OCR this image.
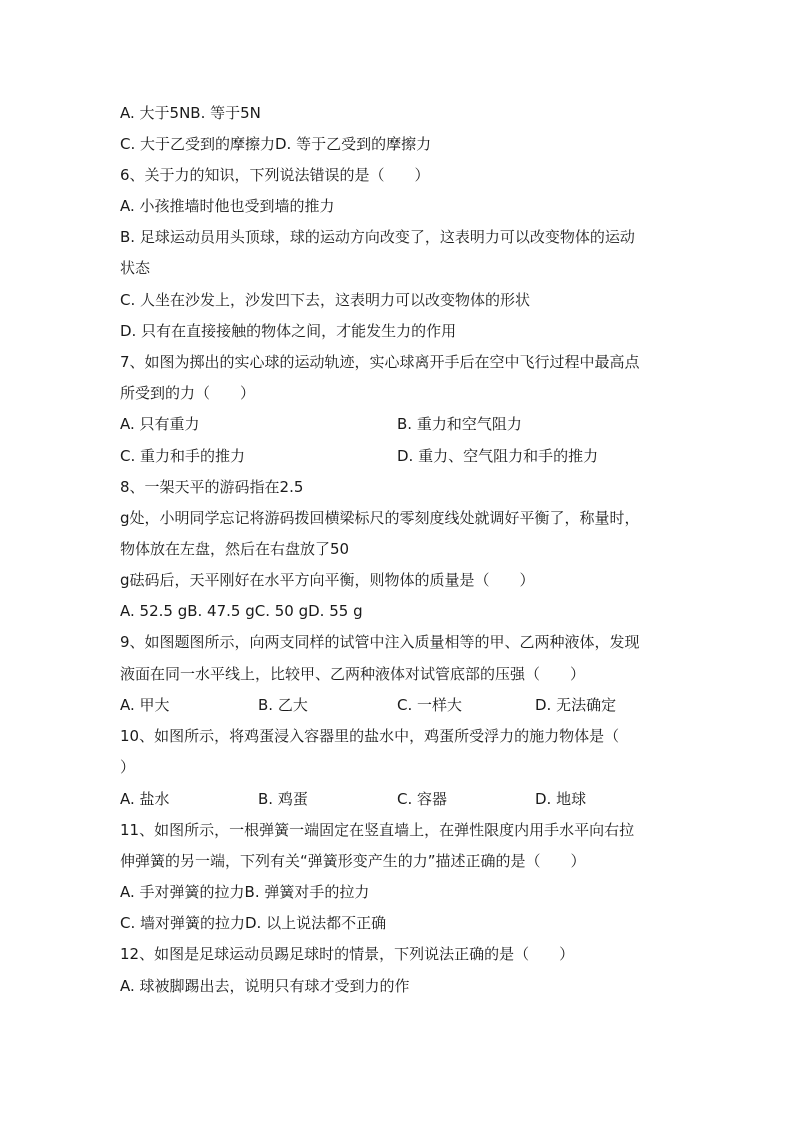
A. 大于5NB. 等于5N
C. 大于乙受到的摩擦力D. 等于乙受到的摩擦力
6、关于力的知识，下列说法错误的是（　　）
A. 小孩推墙时他也受到墙的推力
B. 足球运动员用头顶球，球的运动方向改变了，这表明力可以改变物体的运动
状态
C. 人坐在沙发上，沙发凹下去，这表明力可以改变物体的形状
D. 只有在直接接触的物体之间，才能发生力的作用
7、如图为掷出的实心球的运动轨迹，实心球离开手后在空中飞行过程中最高点
所受到的力（　　）
A. 只有重力	B. 重力和空气阻力
C. 重力和手的推力	D. 重力、空气阻力和手的推力
8、一架天平的游码指在2.5
g处，小明同学忘记将游码拨回横梁标尺的零刻度线处就调好平衡了，称量时，
物体放在左盘，然后在右盘放了50
g砝码后，天平刚好在水平方向平衡，则物体的质量是（　　）
A. 52.5 gB. 47.5 gC. 50 gD. 55 g
9、如图题图所示，向两支同样的试管中注入质量相等的甲、乙两种液体，发现
液面在同一水平线上，比较甲、乙两种液体对试管底部的压强（　　）
A. 甲大	B. 乙大	C. 一样大	D. 无法确定
10、如图所示，将鸡蛋浸入容器里的盐水中，鸡蛋所受浮力的施力物体是（
）
A. 盐水	B. 鸡蛋	C. 容器	D. 地球
11、如图所示，一根弹簧一端固定在竖直墙上，在弹性限度内用手水平向右拉
伸弹簧的另一端，下列有关“弹簧形变产生的力”描述正确的是（　　）
A. 手对弹簧的拉力B. 弹簧对手的拉力
C. 墙对弹簧的拉力D. 以上说法都不正确
12、如图是足球运动员踢足球时的情景，下列说法正确的是（　　）
A. 球被脚踢出去，说明只有球才受到力的作
